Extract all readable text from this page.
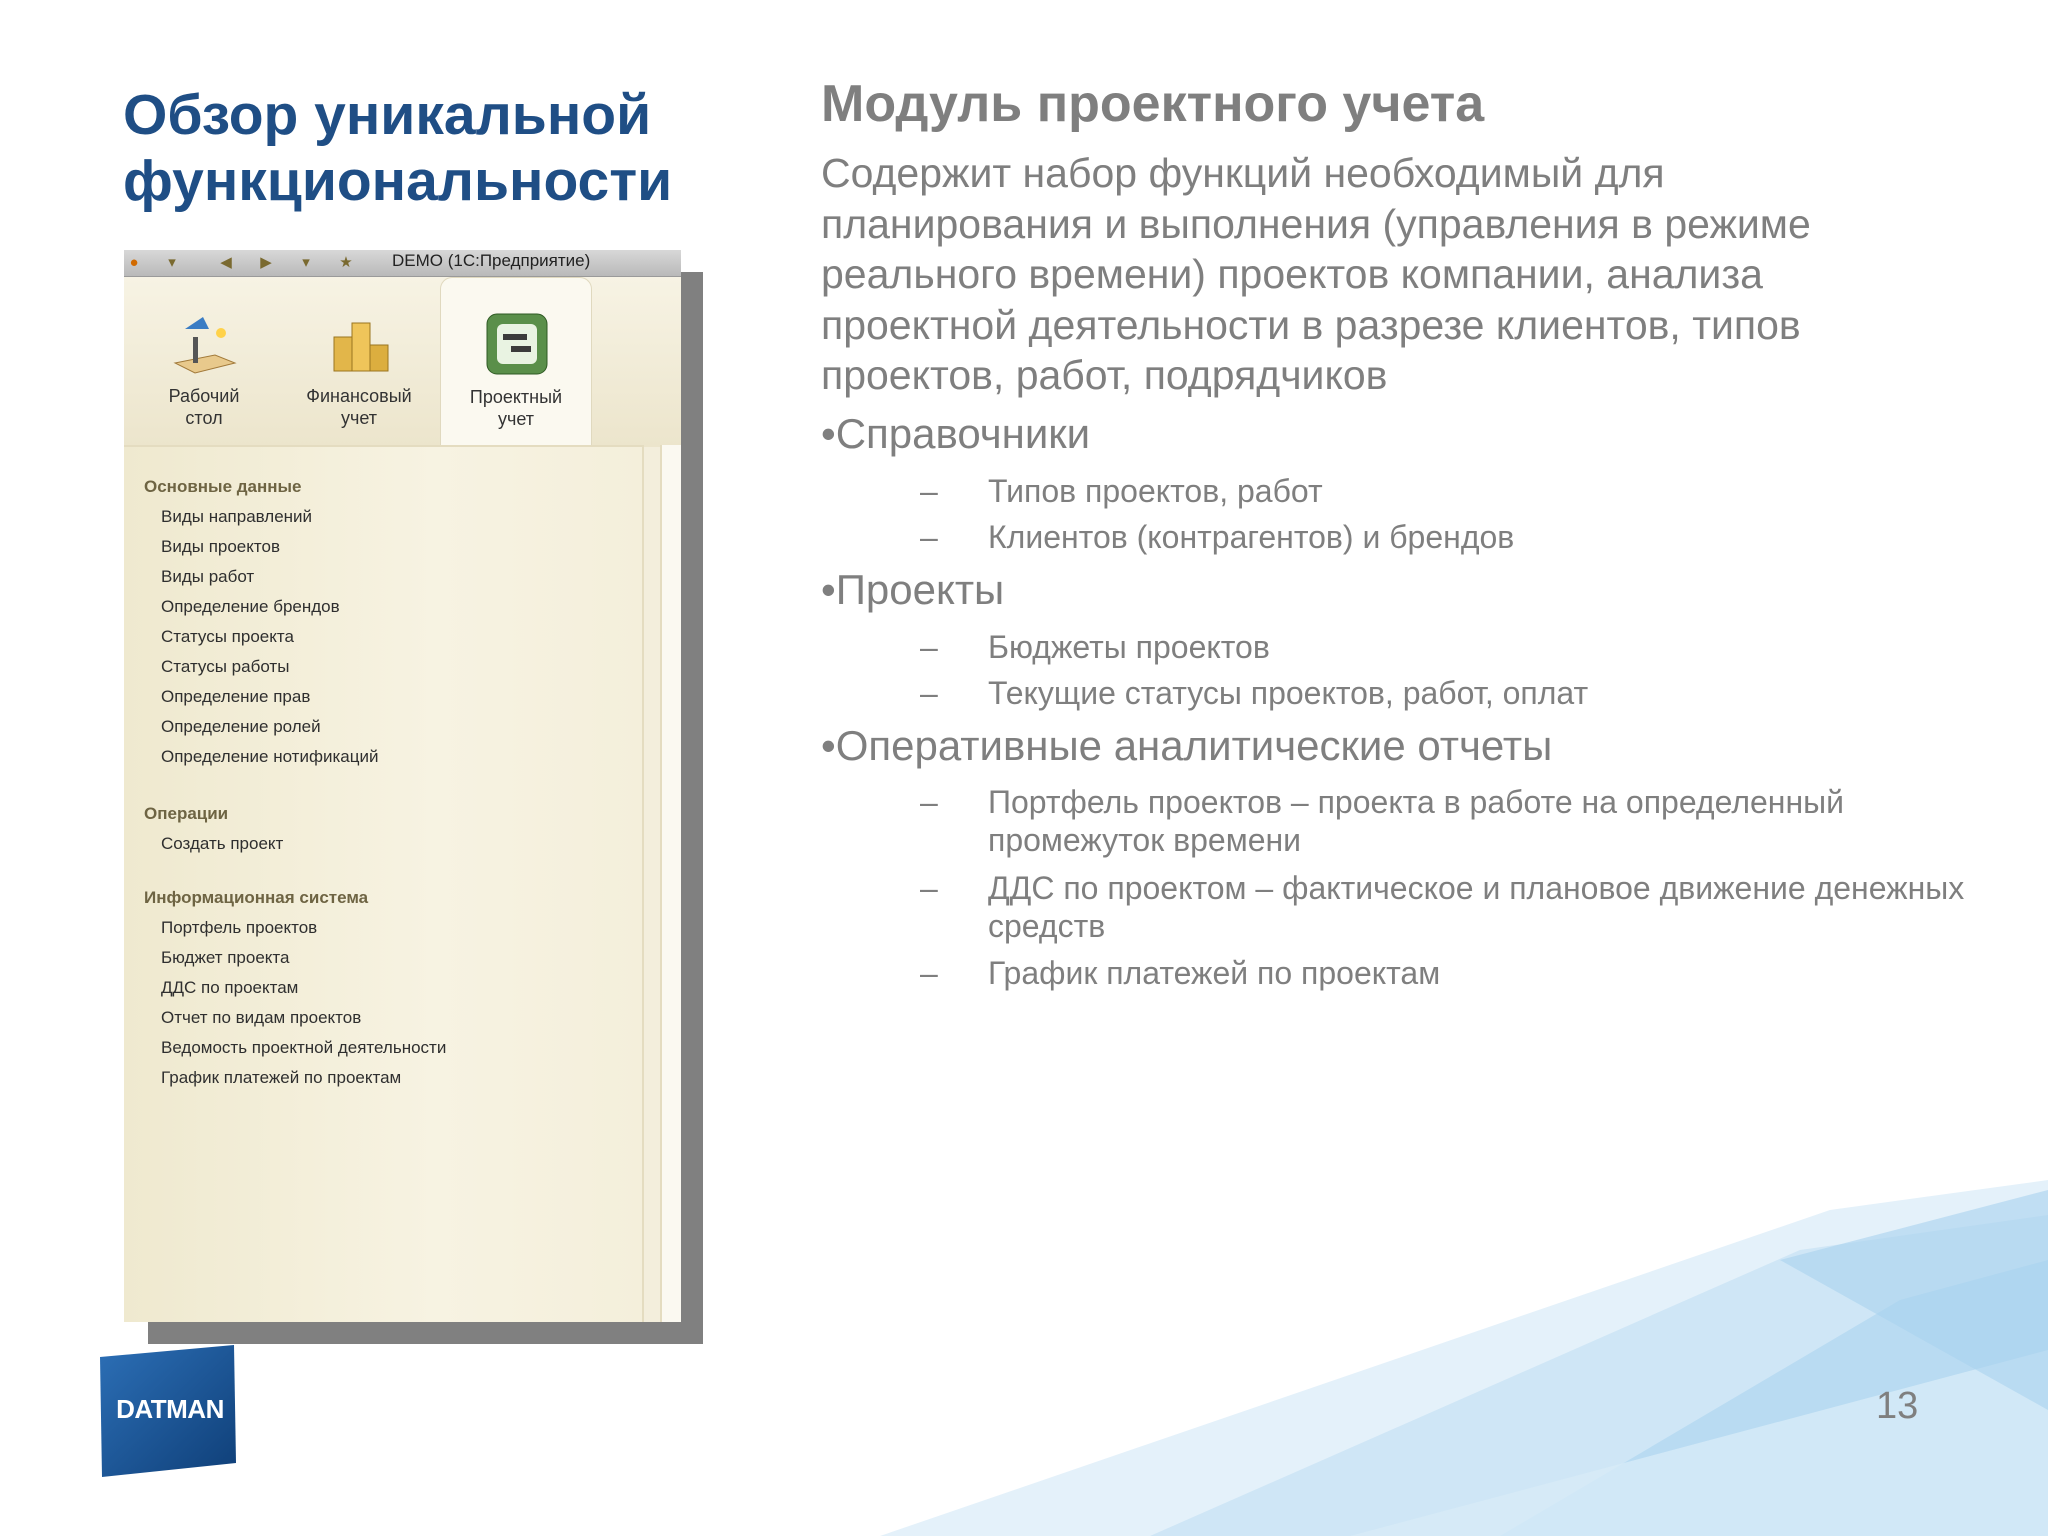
Обзор уникальной функциональности
●	▾	◀ ▶	▾	★ DEMO (1С:Предприятие)
Рабочий
стол
Финансовый
учет
Проектный
учет
Основные данные
Виды направлений
Виды проектов
Виды работ
Определение брендов
Статусы проекта
Статусы работы
Определение прав
Определение ролей
Определение нотификаций
Операции
Создать проект
Информационная система
Портфель проектов
Бюджет проекта
ДДС по проектам
Отчет по видам проектов
Ведомость проектной деятельности
График платежей по проектам
Модуль проектного учета

Содержит набор функций необходимый для планирования и выполнения (управления в режиме реального времени) проектов компании, анализа проектной деятельности в разрезе клиентов, типов проектов, работ, подрядчиков

•Справочники
– Типов проектов, работ
– Клиентов (контрагентов) и брендов
•Проекты
– Бюджеты проектов
– Текущие статусы проектов, работ, оплат
•Оперативные аналитические отчеты
– Портфель проектов – проекта в работе на определенный промежуток времени
– ДДС по проектом – фактическое и плановое движение денежных средств
– График платежей по проектам
13
DATMAN
